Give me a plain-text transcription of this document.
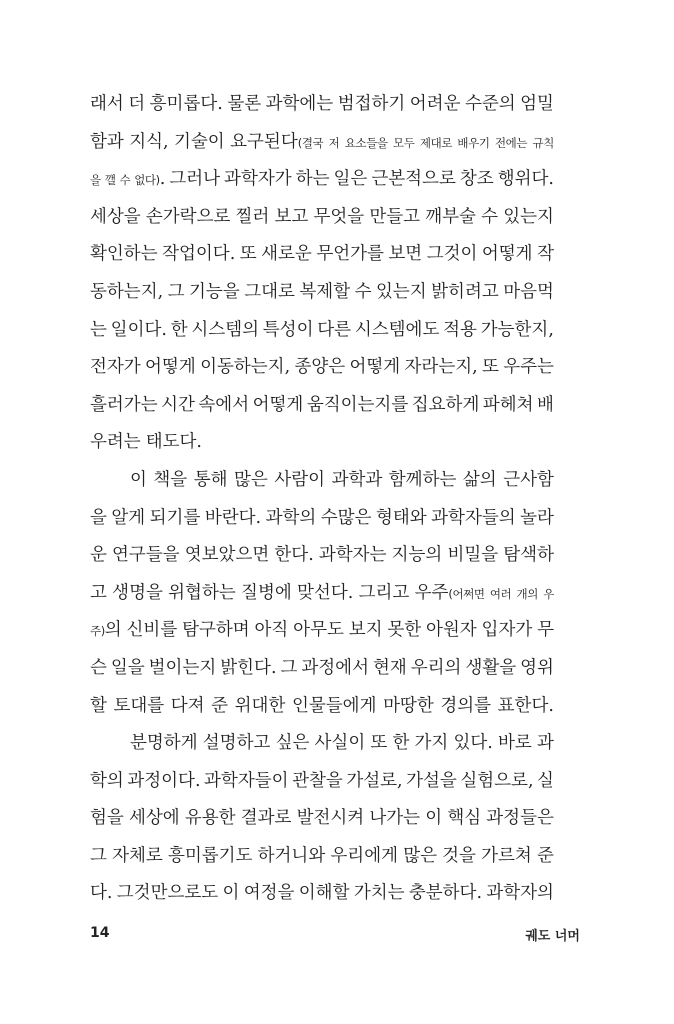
래서 더 흥미롭다. 물론 과학에는 범접하기 어려운 수준의 엄밀
함과 지식, 기술이 요구된다(결국 저 요소들을 모두 제대로 배우기 전에는 규칙
을 깰 수 없다). 그러나 과학자가 하는 일은 근본적으로 창조 행위다.
세상을 손가락으로 찔러 보고 무엇을 만들고 깨부술 수 있는지
확인하는 작업이다. 또 새로운 무언가를 보면 그것이 어떻게 작
동하는지, 그 기능을 그대로 복제할 수 있는지 밝히려고 마음먹
는 일이다. 한 시스템의 특성이 다른 시스템에도 적용 가능한지,
전자가 어떻게 이동하는지, 종양은 어떻게 자라는지, 또 우주는
흘러가는 시간 속에서 어떻게 움직이는지를 집요하게 파헤쳐 배
우려는 태도다.
이 책을 통해 많은 사람이 과학과 함께하는 삶의 근사함
을 알게 되기를 바란다. 과학의 수많은 형태와 과학자들의 놀라
운 연구들을 엿보았으면 한다. 과학자는 지능의 비밀을 탐색하
고 생명을 위협하는 질병에 맞선다. 그리고 우주(어쩌면 여러 개의 우
주)의 신비를 탐구하며 아직 아무도 보지 못한 아원자 입자가 무
슨 일을 벌이는지 밝힌다. 그 과정에서 현재 우리의 생활을 영위
할 토대를 다져 준 위대한 인물들에게 마땅한 경의를 표한다.
분명하게 설명하고 싶은 사실이 또 한 가지 있다. 바로 과
학의 과정이다. 과학자들이 관찰을 가설로, 가설을 실험으로, 실
험을 세상에 유용한 결과로 발전시켜 나가는 이 핵심 과정들은
그 자체로 흥미롭기도 하거니와 우리에게 많은 것을 가르쳐 준
다. 그것만으로도 이 여정을 이해할 가치는 충분하다. 과학자의
14	궤도 너머
